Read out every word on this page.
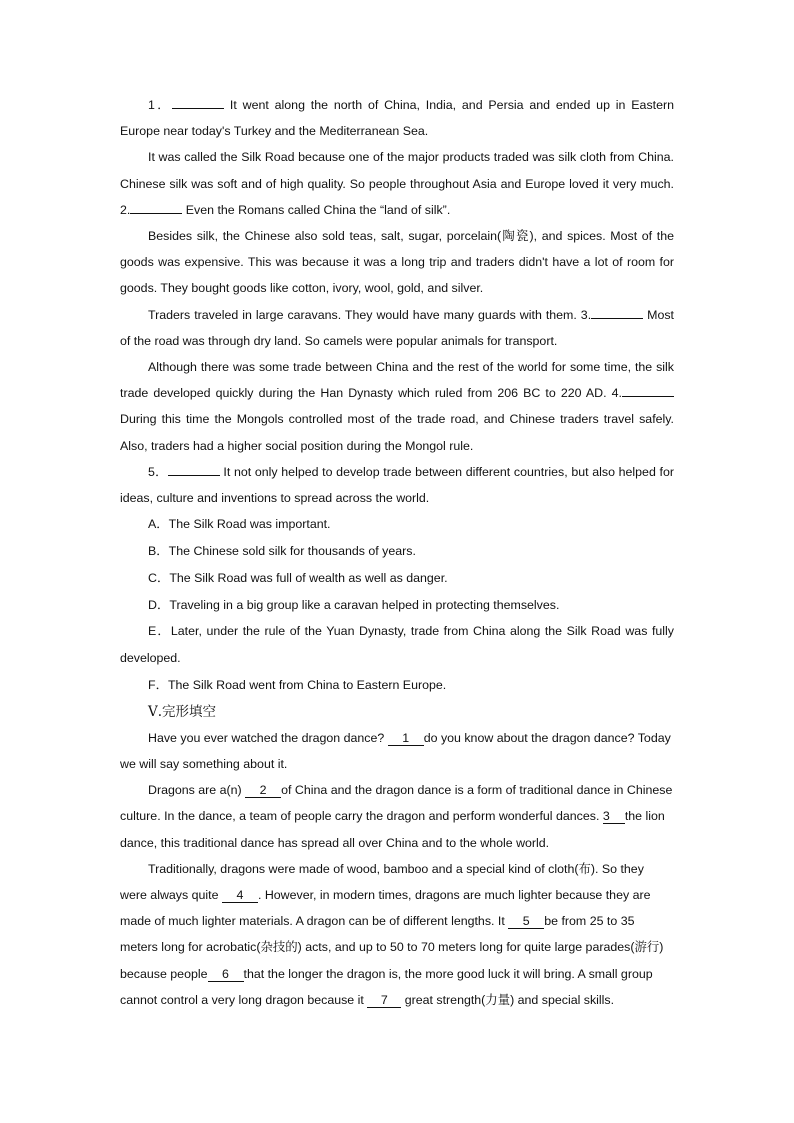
1．	It went along the north of China, India, and Persia and ended up in Eastern Europe near today's Turkey and the Mediterranean Sea.

It was called the Silk Road because one of the major products traded was silk cloth from China. Chinese silk was soft and of high quality. So people throughout Asia and Europe loved it very much. 2.	Even the Romans called China the “land of silk”.

Besides silk, the Chinese also sold teas, salt, sugar, porcelain(陶瓷), and spices. Most of the goods was expensive. This was because it was a long trip and traders didn't have a lot of room for goods. They bought goods like cotton, ivory, wool, gold, and silver.

Traders traveled in large caravans. They would have many guards with them. 3.	Most of the road was through dry land. So camels were popular animals for transport.

Although there was some trade between China and the rest of the world for some time, the silk trade developed quickly during the Han Dynasty which ruled from 206 BC to 220 AD. 4. During this time the Mongols controlled most of the trade road, and Chinese traders travel safely. Also, traders had a higher social position during the Mongol rule.

5．	It not only helped to develop trade between different countries, but also helped for ideas, culture and inventions to spread across the world.

A．The Silk Road was important.

B．The Chinese sold silk for thousands of years.

C．The Silk Road was full of wealth as well as danger.

D．Traveling in a big group like a caravan helped in protecting themselves.

E．Later, under the rule of the Yuan Dynasty, trade from China along the Silk Road was fully developed.

F．The Silk Road went from China to Eastern Europe.

Ⅴ.完形填空

Have you ever watched the dragon dance? 1 do you know about the dragon dance? Today we will say something about it.

Dragons are a(n) 2 of China and the dragon dance is a form of traditional dance in Chinese culture. In the dance, a team of people carry the dragon and perform wonderful dances. 3 the lion dance, this traditional dance has spread all over China and to the whole world.

Traditionally, dragons were made of wood, bamboo and a special kind of cloth(布). So they were always quite 4 . However, in modern times, dragons are much lighter because they are made of much lighter materials. A dragon can be of different lengths. It 5 be from 25 to 35 meters long for acrobatic(杂技的) acts, and up to 50 to 70 meters long for quite large parades(游行) because people 6 that the longer the dragon is, the more good luck it will bring. A small group cannot control a very long dragon because it 7 great strength(力量) and special skills.
